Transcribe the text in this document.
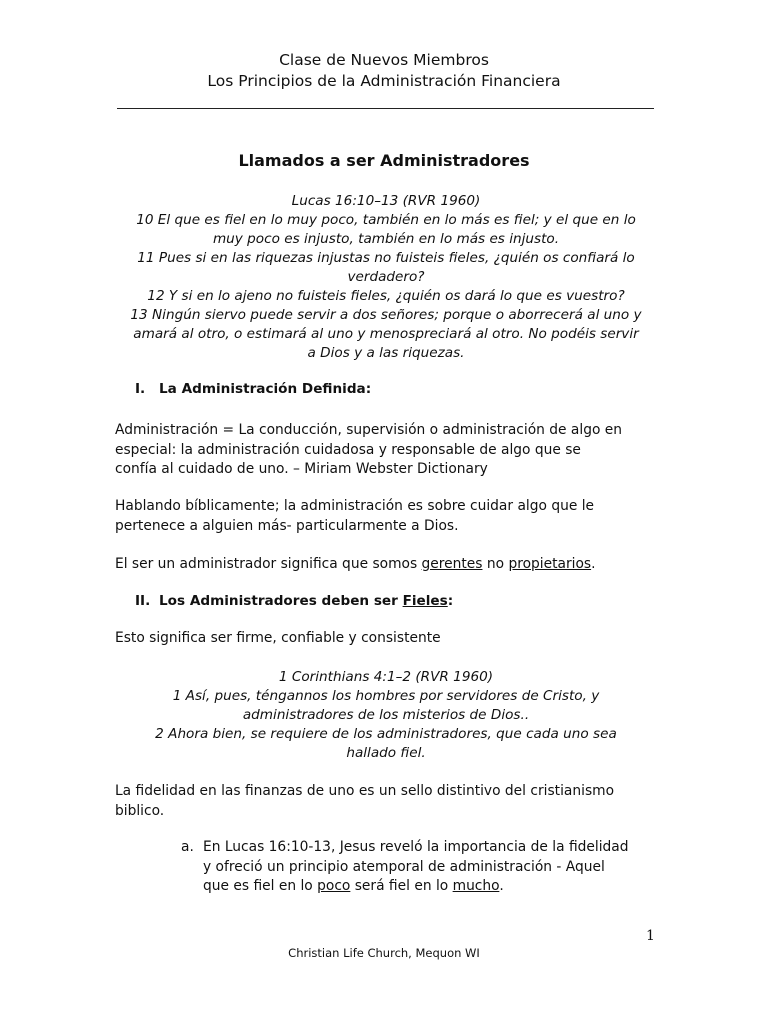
Clase de Nuevos Miembros
Los Principios de la Administración Financiera
Llamados a ser Administradores
Lucas 16:10–13 (RVR 1960)
10 El que es fiel en lo muy poco, también en lo más es fiel; y el que en lo
muy poco es injusto, también en lo más es injusto.
11 Pues si en las riquezas injustas no fuisteis fieles, ¿quién os confiará lo
verdadero?
12 Y si en lo ajeno no fuisteis fieles, ¿quién os dará lo que es vuestro?
13 Ningún siervo puede servir a dos señores; porque o aborrecerá al uno y
amará al otro, o estimará al uno y menospreciará al otro. No podéis servir
a Dios y a las riquezas.
I. La Administración Definida:
Administración = La conducción, supervisión o administración de algo en
especial: la administración cuidadosa y responsable de algo que se
confía al cuidado de uno. – Miriam Webster Dictionary
Hablando bíblicamente; la administración es sobre cuidar algo que le
pertenece a alguien más- particularmente a Dios.
El ser un administrador significa que somos gerentes no propietarios.
II. Los Administradores deben ser Fieles:
Esto significa ser firme, confiable y consistente
1 Corinthians 4:1–2 (RVR 1960)
1 Así, pues, téngannos los hombres por servidores de Cristo, y
administradores de los misterios de Dios..
2 Ahora bien, se requiere de los administradores, que cada uno sea
hallado fiel.
La fidelidad en las finanzas de uno es un sello distintivo del cristianismo
biblico.
a. En Lucas 16:10-13, Jesus reveló la importancia de la fidelidad
y ofreció un principio atemporal de administración - Aquel
que es fiel en lo poco será fiel en lo mucho.
1
Christian Life Church, Mequon WI
